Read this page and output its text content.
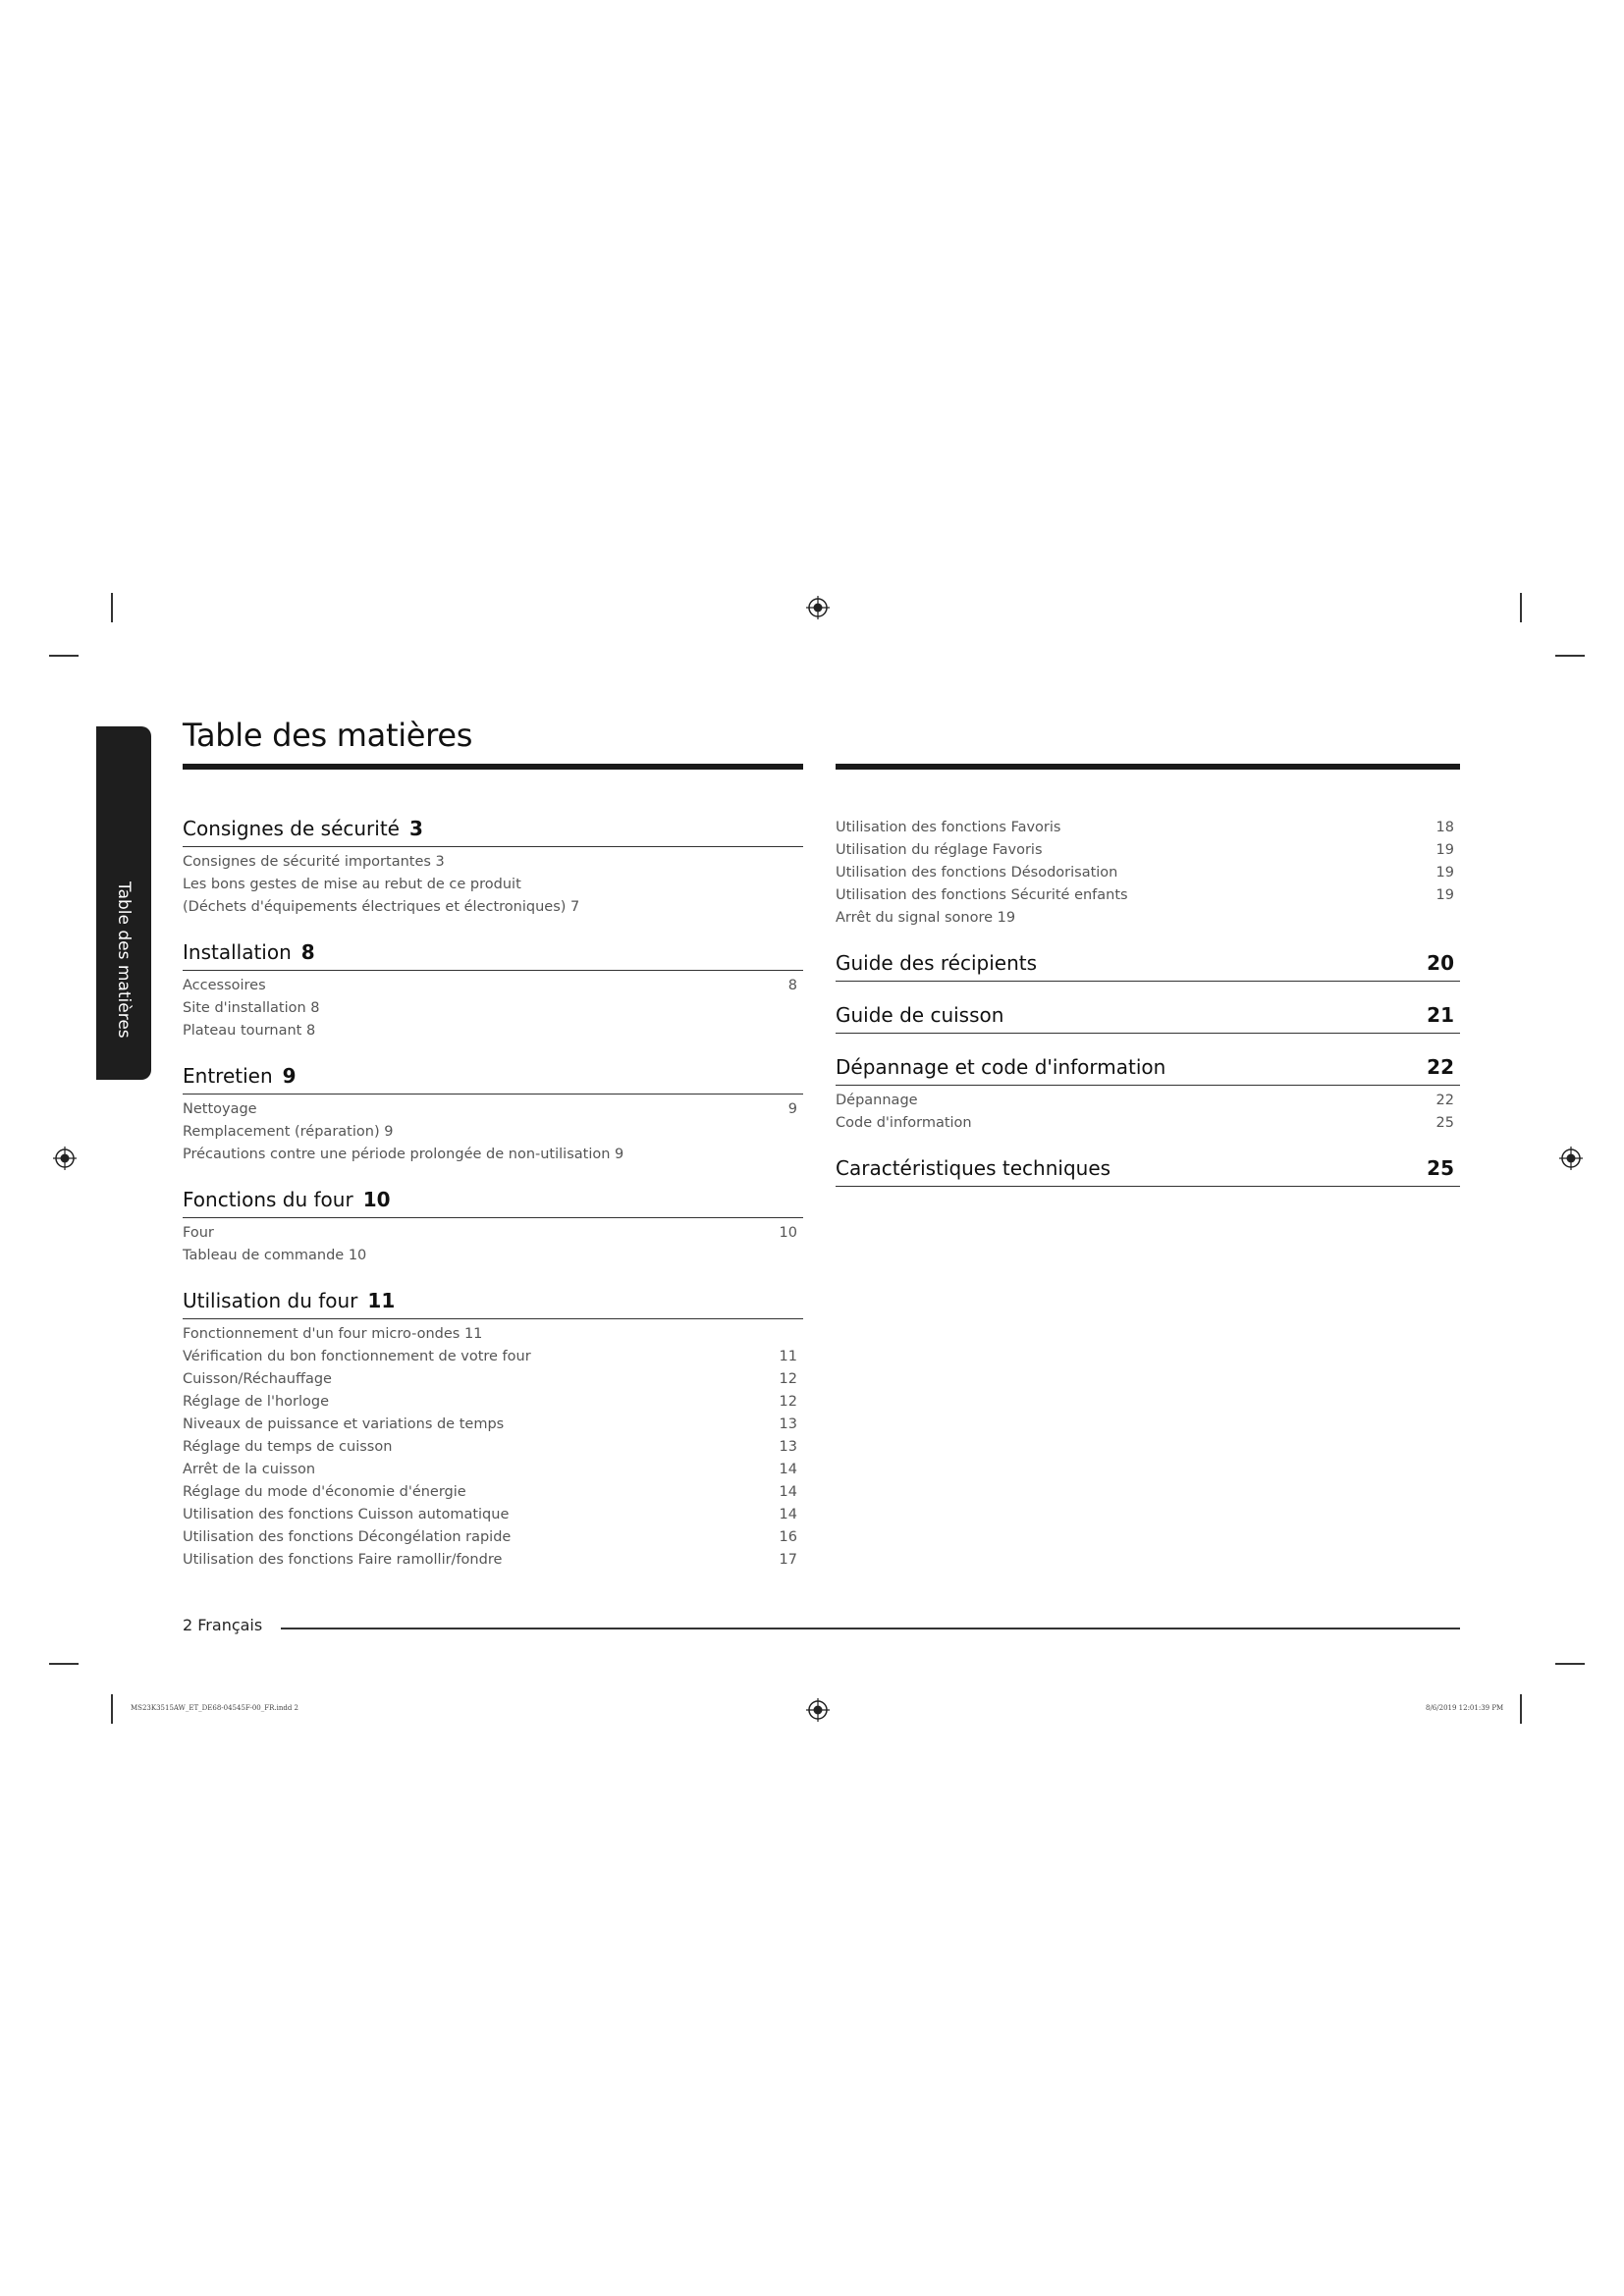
Table des matières
Table des matières
Consignes de sécurité 3
Consignes de sécurité importantes 3
Les bons gestes de mise au rebut de ce produit
(Déchets d'équipements électriques et électroniques) 7
Installation 8
Accessoires	8
Site d'installation 8
Plateau tournant 8
Entretien 9
Nettoyage	9
Remplacement (réparation) 9
Précautions contre une période prolongée de non-utilisation 9
Fonctions du four 10
Four	10
Tableau de commande 10
Utilisation du four 11
Fonctionnement d'un four micro-ondes 11
Vérification du bon fonctionnement de votre four	11
Cuisson/Réchauffage	12
Réglage de l'horloge	12
Niveaux de puissance et variations de temps	13
Réglage du temps de cuisson	13
Arrêt de la cuisson	14
Réglage du mode d'économie d'énergie	14
Utilisation des fonctions Cuisson automatique	14
Utilisation des fonctions Décongélation rapide	16
Utilisation des fonctions Faire ramollir/fondre	17
Utilisation des fonctions Favoris	18
Utilisation du réglage Favoris	19
Utilisation des fonctions Désodorisation	19
Utilisation des fonctions Sécurité enfants	19
Arrêt du signal sonore 19
Guide des récipients	20
Guide de cuisson	21
Dépannage et code d'information	22
Dépannage	22
Code d'information	25
Caractéristiques techniques	25
2 Français
MS23K3515AW_ET_DE68-04545F-00_FR.indd 2	8/6/2019 12:01:39 PM
